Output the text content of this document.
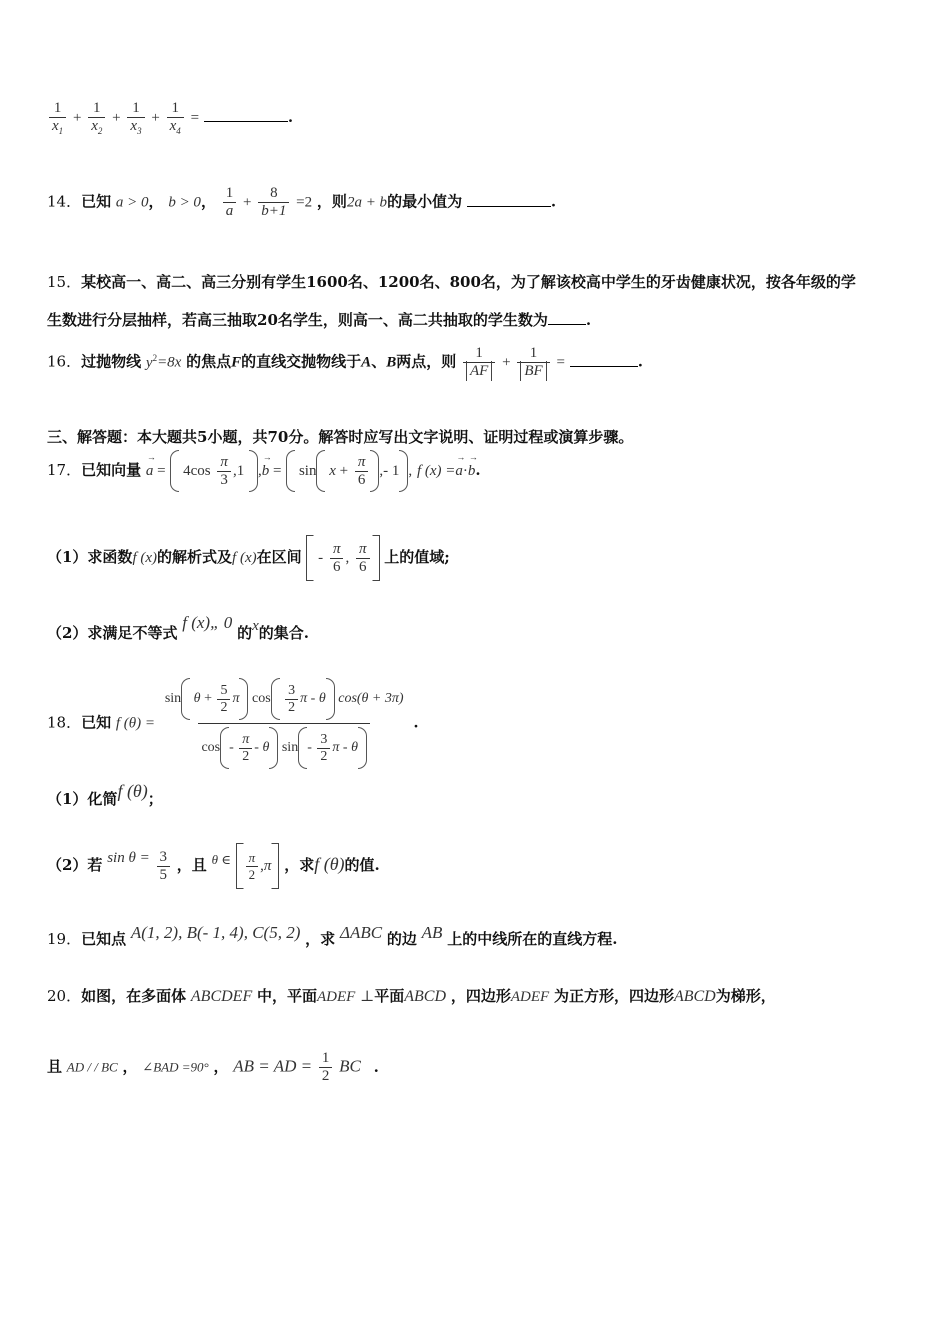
$\frac{1}{x_1} + \frac{1}{x_2} + \frac{1}{x_3} + \frac{1}{x_4}$ =	.
14．已知 a > 0， b > 0， $\frac{1}{a} + \frac{8}{b+1} =2$ ，则2a + b的最小值为	.
15．某校高一、高二、高三分别有学生1600名、1200名、800名，为了解该校高中学生的牙齿健康状况，按各年级的学
生数进行分层抽样，若高三抽取20名学生，则高一、高二共抽取的学生数为	.
16．过抛物线 $y^2=8x$ 的焦点F的直线交抛物线于A、B两点，则 $\frac{1}{AF} + \frac{1}{BF}$ =	.
三、解答题：本大题共5小题，共70分。解答时应写出文字说明、证明过程或演算步骤。
17．已知向量 → $a = 4\cos \frac{\pi}{3} ,1$ ,→ $b = \sin x + \frac{\pi}{6}$ ,- 1 , f (x) =→ a·→ b.
（1）求函数f (x)的解析式及f (x)在区间  - $\frac{\pi}{6}$ , $\frac{\pi}{6}$ 上的值域;
（2）求满足不等式 f (x)„ 0 的x的集合.
18．已知 f $(\theta) = \frac{\sin \theta + \frac{5}{2} \pi \cos \frac{3}{2} \pi - \theta \cos(\theta + 3\pi)}{\cos - \frac{\pi}{2} - \theta \sin - \frac{3}{2} \pi - \theta}$ .
（1）化简f (θ)；
（2）若 $\sin \theta = \frac{3}{5}$ ，且 θ ∈ $\frac{\pi}{2} ,\pi$ ，求f (θ)的值.
19．已知点 A(1, 2), B(- 1, 4), C(5, 2) ，求 ΔABC 的边 AB 上的中线所在的直线方程.
20．如图，在多面体 ABCDEF 中，平面ADEF ⊥平面ABCD ，四边形ADEF 为正方形，四边形ABCD为梯形，
且 AD / / BC ， ∠BAD =90° ， AB = AD = $\frac{1}{2}$ BC .
